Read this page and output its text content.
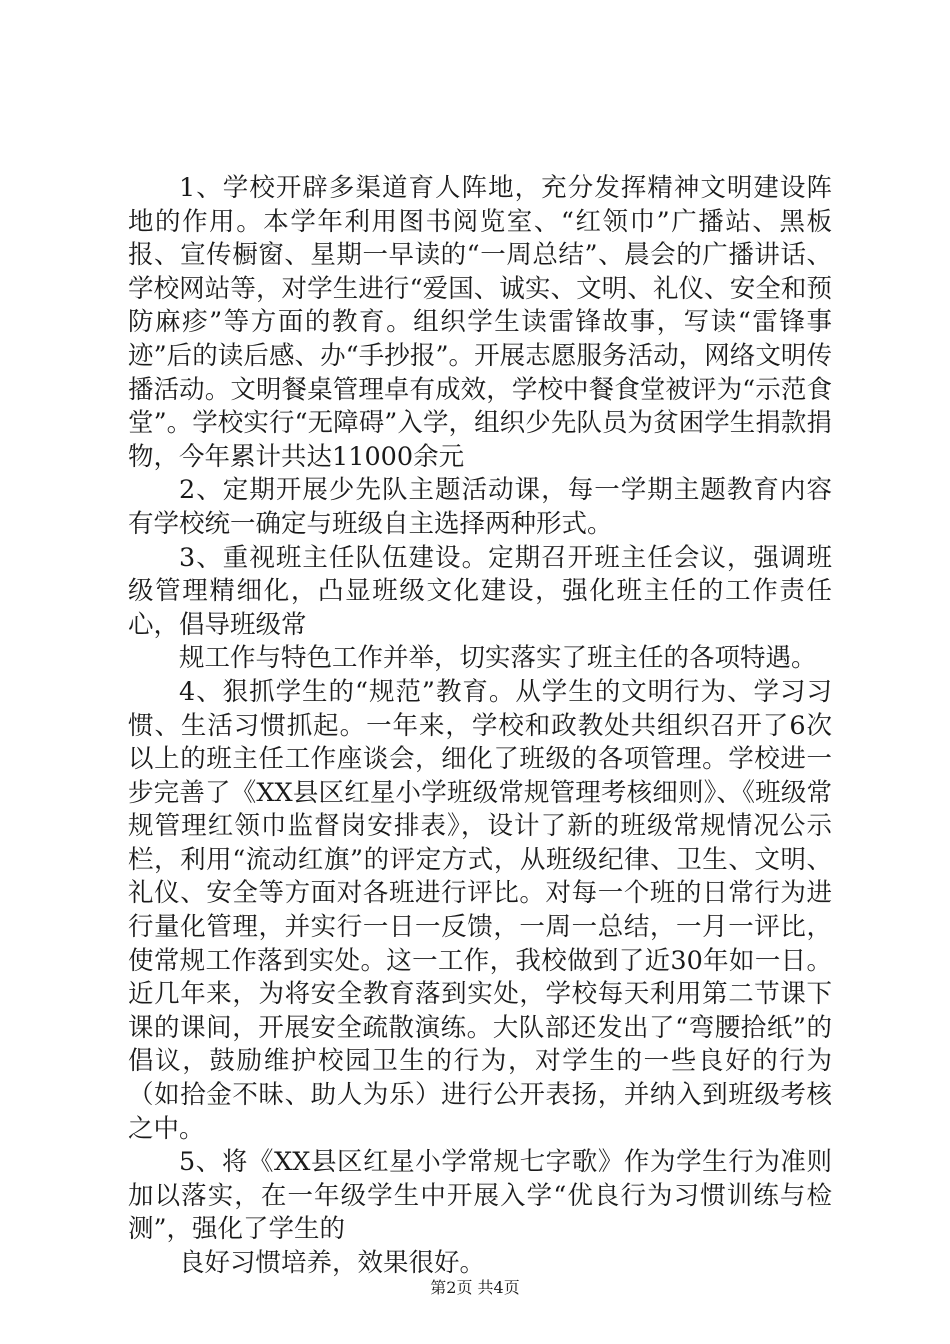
1、学校开辟多渠道育人阵地，充分发挥精神文明建设阵地的作用。本学年利用图书阅览室、“红领巾”广播站、黑板报、宣传橱窗、星期一早读的“一周总结”、晨会的广播讲话、学校网站等，对学生进行“爱国、诚实、文明、礼仪、安全和预防麻疹”等方面的教育。组织学生读雷锋故事，写读“雷锋事迹”后的读后感、办“手抄报”。开展志愿服务活动，网络文明传播活动。文明餐桌管理卓有成效，学校中餐食堂被评为“示范食堂”。学校实行“无障碍”入学，组织少先队员为贫困学生捐款捐物，今年累计共达11000余元

2、定期开展少先队主题活动课，每一学期主题教育内容有学校统一确定与班级自主选择两种形式。

3、重视班主任队伍建设。定期召开班主任会议，强调班级管理精细化，凸显班级文化建设，强化班主任的工作责任心，倡导班级常

规工作与特色工作并举，切实落实了班主任的各项特遇。

4、狠抓学生的“规范”教育。从学生的文明行为、学习习惯、生活习惯抓起。一年来，学校和政教处共组织召开了6次以上的班主任工作座谈会，细化了班级的各项管理。学校进一步完善了《XX县区红星小学班级常规管理考核细则》、《班级常规管理红领巾监督岗安排表》，设计了新的班级常规情况公示栏，利用“流动红旗”的评定方式，从班级纪律、卫生、文明、礼仪、安全等方面对各班进行评比。对每一个班的日常行为进行量化管理，并实行一日一反馈，一周一总结，一月一评比，使常规工作落到实处。这一工作，我校做到了近30年如一日。近几年来，为将安全教育落到实处，学校每天利用第二节课下课的课间，开展安全疏散演练。大队部还发出了“弯腰拾纸”的倡议，鼓励维护校园卫生的行为，对学生的一些良好的行为（如拾金不昧、助人为乐）进行公开表扬，并纳入到班级考核之中。

5、将《XX县区红星小学常规七字歌》作为学生行为准则加以落实，在一年级学生中开展入学“优良行为习惯训练与检测”，强化了学生的

良好习惯培养，效果很好。

第2页 共4页
